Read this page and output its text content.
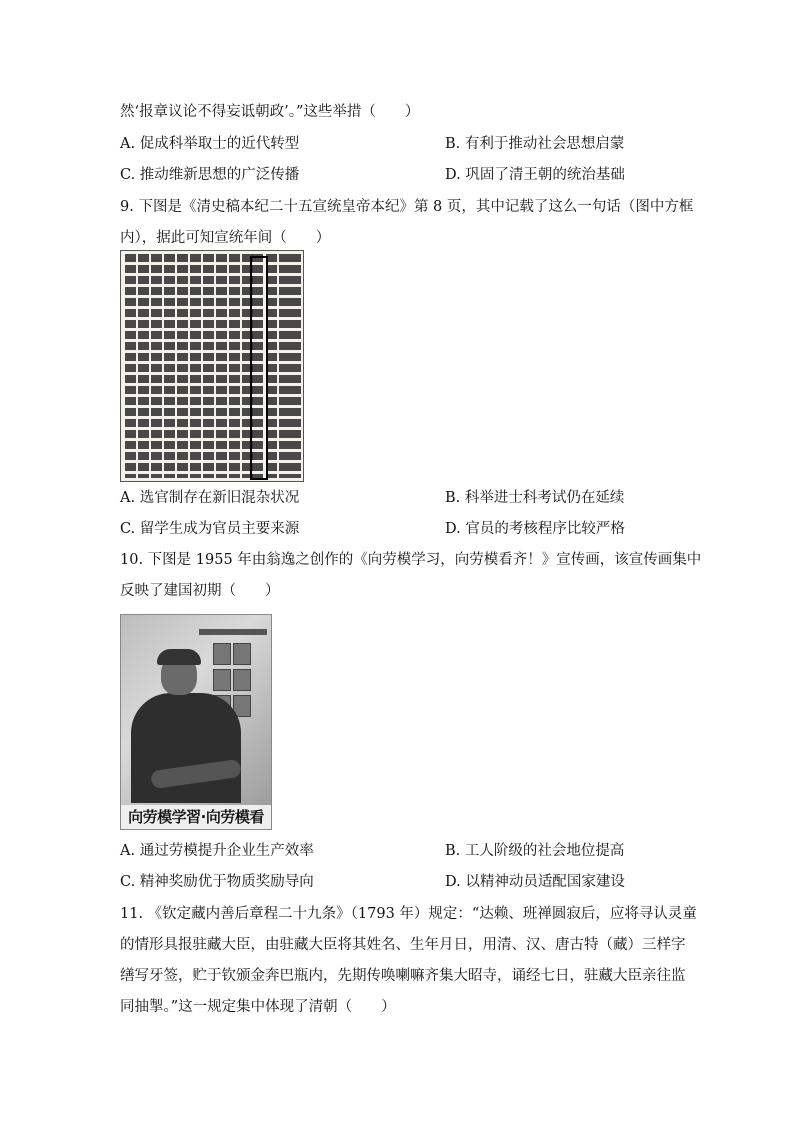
然‘报章议论不得妄诋朝政’。”这些举措（　　）
A. 促成科举取士的近代转型	B. 有利于推动社会思想启蒙
C. 推动维新思想的广泛传播	D. 巩固了清王朝的统治基础
9. 下图是《清史稿本纪二十五宣统皇帝本纪》第 8 页，其中记载了这么一句话（图中方框
内），据此可知宣统年间（　　）
A. 选官制存在新旧混杂状况	B. 科举进士科考试仍在延续
C. 留学生成为官员主要来源	D. 官员的考核程序比较严格
10. 下图是 1955 年由翁逸之创作的《向劳模学习，向劳模看齐！》宣传画，该宣传画集中
反映了建国初期（　　）
向劳模学習·向劳模看
A. 通过劳模提升企业生产效率	B. 工人阶级的社会地位提高
C. 精神奖励优于物质奖励导向	D. 以精神动员适配国家建设
11. 《钦定藏内善后章程二十九条》（1793 年）规定：“达赖、班禅圆寂后，应将寻认灵童
的情形具报驻藏大臣，由驻藏大臣将其姓名、生年月日，用清、汉、唐古特（藏）三样字
缮写牙签，贮于钦颁金奔巴瓶内，先期传唤喇嘛齐集大昭寺，诵经七日，驻藏大臣亲往监
同抽掣。”这一规定集中体现了清朝（　　）
